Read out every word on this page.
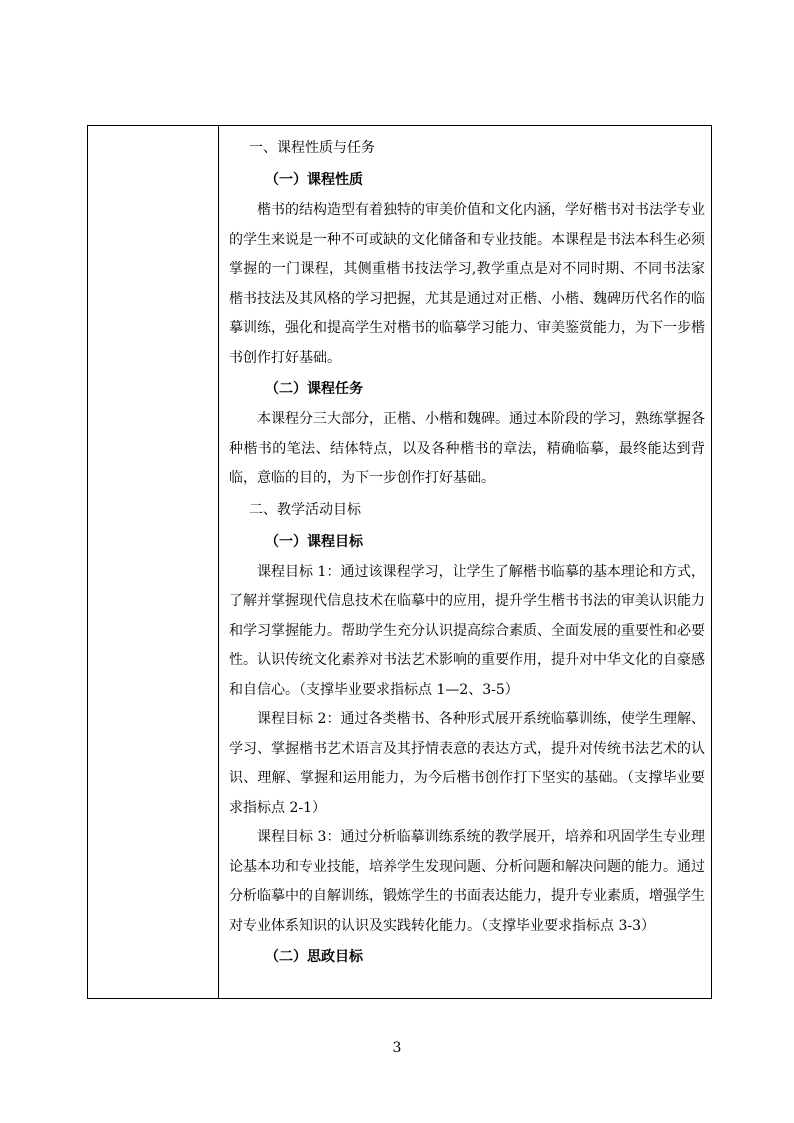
一、课程性质与任务
（一）课程性质

楷书的结构造型有着独特的审美价值和文化内涵，学好楷书对书法学专业的学生来说是一种不可或缺的文化储备和专业技能。本课程是书法本科生必须掌握的一门课程，其侧重楷书技法学习,教学重点是对不同时期、不同书法家楷书技法及其风格的学习把握，尤其是通过对正楷、小楷、魏碑历代名作的临摹训练，强化和提高学生对楷书的临摹学习能力、审美鉴赏能力，为下一步楷书创作打好基础。

（二）课程任务

本课程分三大部分，正楷、小楷和魏碑。通过本阶段的学习，熟练掌握各种楷书的笔法、结体特点，以及各种楷书的章法，精确临摹，最终能达到背临，意临的目的，为下一步创作打好基础。

二、教学活动目标
（一）课程目标

课程目标 1：通过该课程学习，让学生了解楷书临摹的基本理论和方式，了解并掌握现代信息技术在临摹中的应用，提升学生楷书书法的审美认识能力和学习掌握能力。帮助学生充分认识提高综合素质、全面发展的重要性和必要性。认识传统文化素养对书法艺术影响的重要作用，提升对中华文化的自豪感和自信心。（支撑毕业要求指标点 1—2、3-5）

课程目标 2：通过各类楷书、各种形式展开系统临摹训练，使学生理解、学习、掌握楷书艺术语言及其抒情表意的表达方式，提升对传统书法艺术的认识、理解、掌握和运用能力，为今后楷书创作打下坚实的基础。（支撑毕业要求指标点 2-1）

课程目标 3：通过分析临摹训练系统的教学展开，培养和巩固学生专业理论基本功和专业技能，培养学生发现问题、分析问题和解决问题的能力。通过分析临摹中的自解训练，锻炼学生的书面表达能力，提升专业素质，增强学生对专业体系知识的认识及实践转化能力。（支撑毕业要求指标点 3-3）

（二）思政目标
3
